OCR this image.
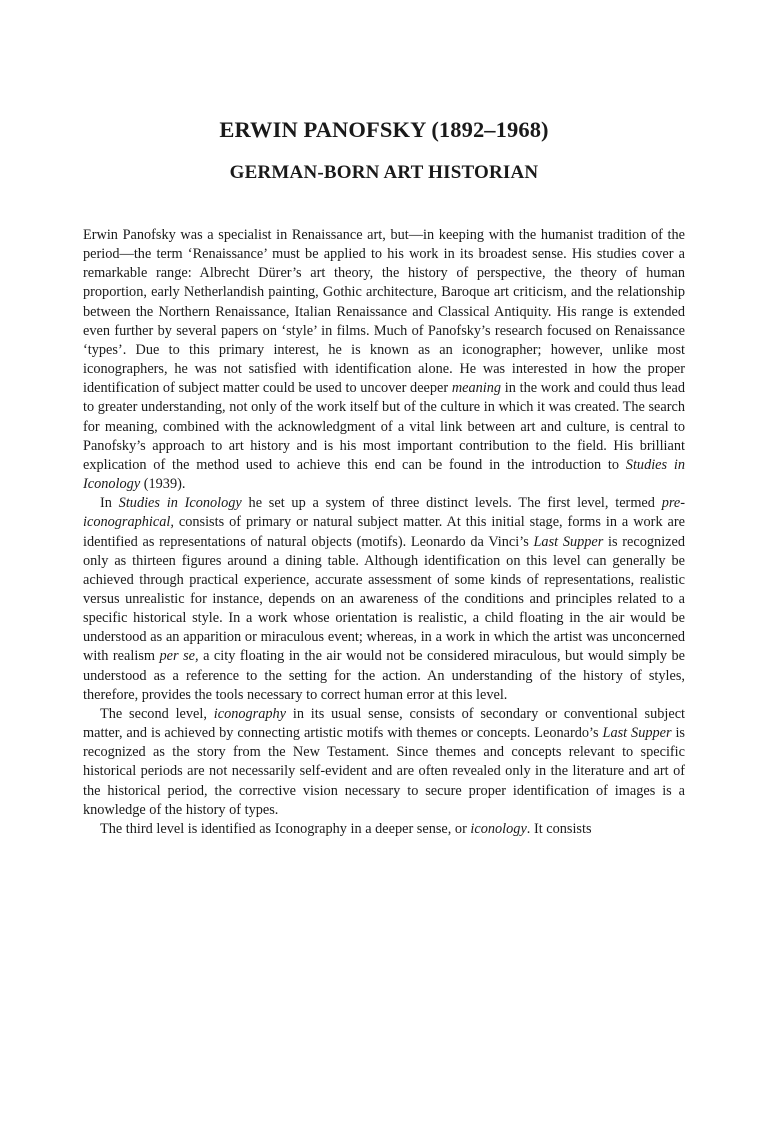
ERWIN PANOFSKY (1892–1968)
GERMAN-BORN ART HISTORIAN

Erwin Panofsky was a specialist in Renaissance art, but—in keeping with the humanist tradition of the period—the term ‘Renaissance’ must be applied to his work in its broadest sense. His studies cover a remarkable range: Albrecht Dürer’s art theory, the history of perspective, the theory of human proportion, early Netherlandish painting, Gothic architecture, Baroque art criticism, and the relationship between the Northern Renaissance, Italian Renaissance and Classical Antiquity. His range is extended even further by several papers on ‘style’ in films. Much of Panofsky’s research focused on Renaissance ‘types’. Due to this primary interest, he is known as an iconographer; however, unlike most iconographers, he was not satisfied with identification alone. He was interested in how the proper identification of subject matter could be used to uncover deeper meaning in the work and could thus lead to greater understanding, not only of the work itself but of the culture in which it was created. The search for meaning, combined with the acknowledgment of a vital link between art and culture, is central to Panofsky’s approach to art history and is his most important contribution to the field. His brilliant explication of the method used to achieve this end can be found in the introduction to Studies in Iconology (1939).

In Studies in Iconology he set up a system of three distinct levels. The first level, termed pre-iconographical, consists of primary or natural subject matter. At this initial stage, forms in a work are identified as representations of natural objects (motifs). Leonardo da Vinci’s Last Supper is recognized only as thirteen figures around a dining table. Although identification on this level can generally be achieved through practical experience, accurate assessment of some kinds of representations, realistic versus unrealistic for instance, depends on an awareness of the conditions and principles related to a specific historical style. In a work whose orientation is realistic, a child floating in the air would be understood as an apparition or miraculous event; whereas, in a work in which the artist was unconcerned with realism per se, a city floating in the air would not be considered miraculous, but would simply be understood as a reference to the setting for the action. An understanding of the history of styles, therefore, provides the tools necessary to correct human error at this level.

The second level, iconography in its usual sense, consists of secondary or conventional subject matter, and is achieved by connecting artistic motifs with themes or concepts. Leonardo’s Last Supper is recognized as the story from the New Testament. Since themes and concepts relevant to specific historical periods are not necessarily self-evident and are often revealed only in the literature and art of the historical period, the corrective vision necessary to secure proper identification of images is a knowledge of the history of types.

The third level is identified as Iconography in a deeper sense, or iconology. It consists
